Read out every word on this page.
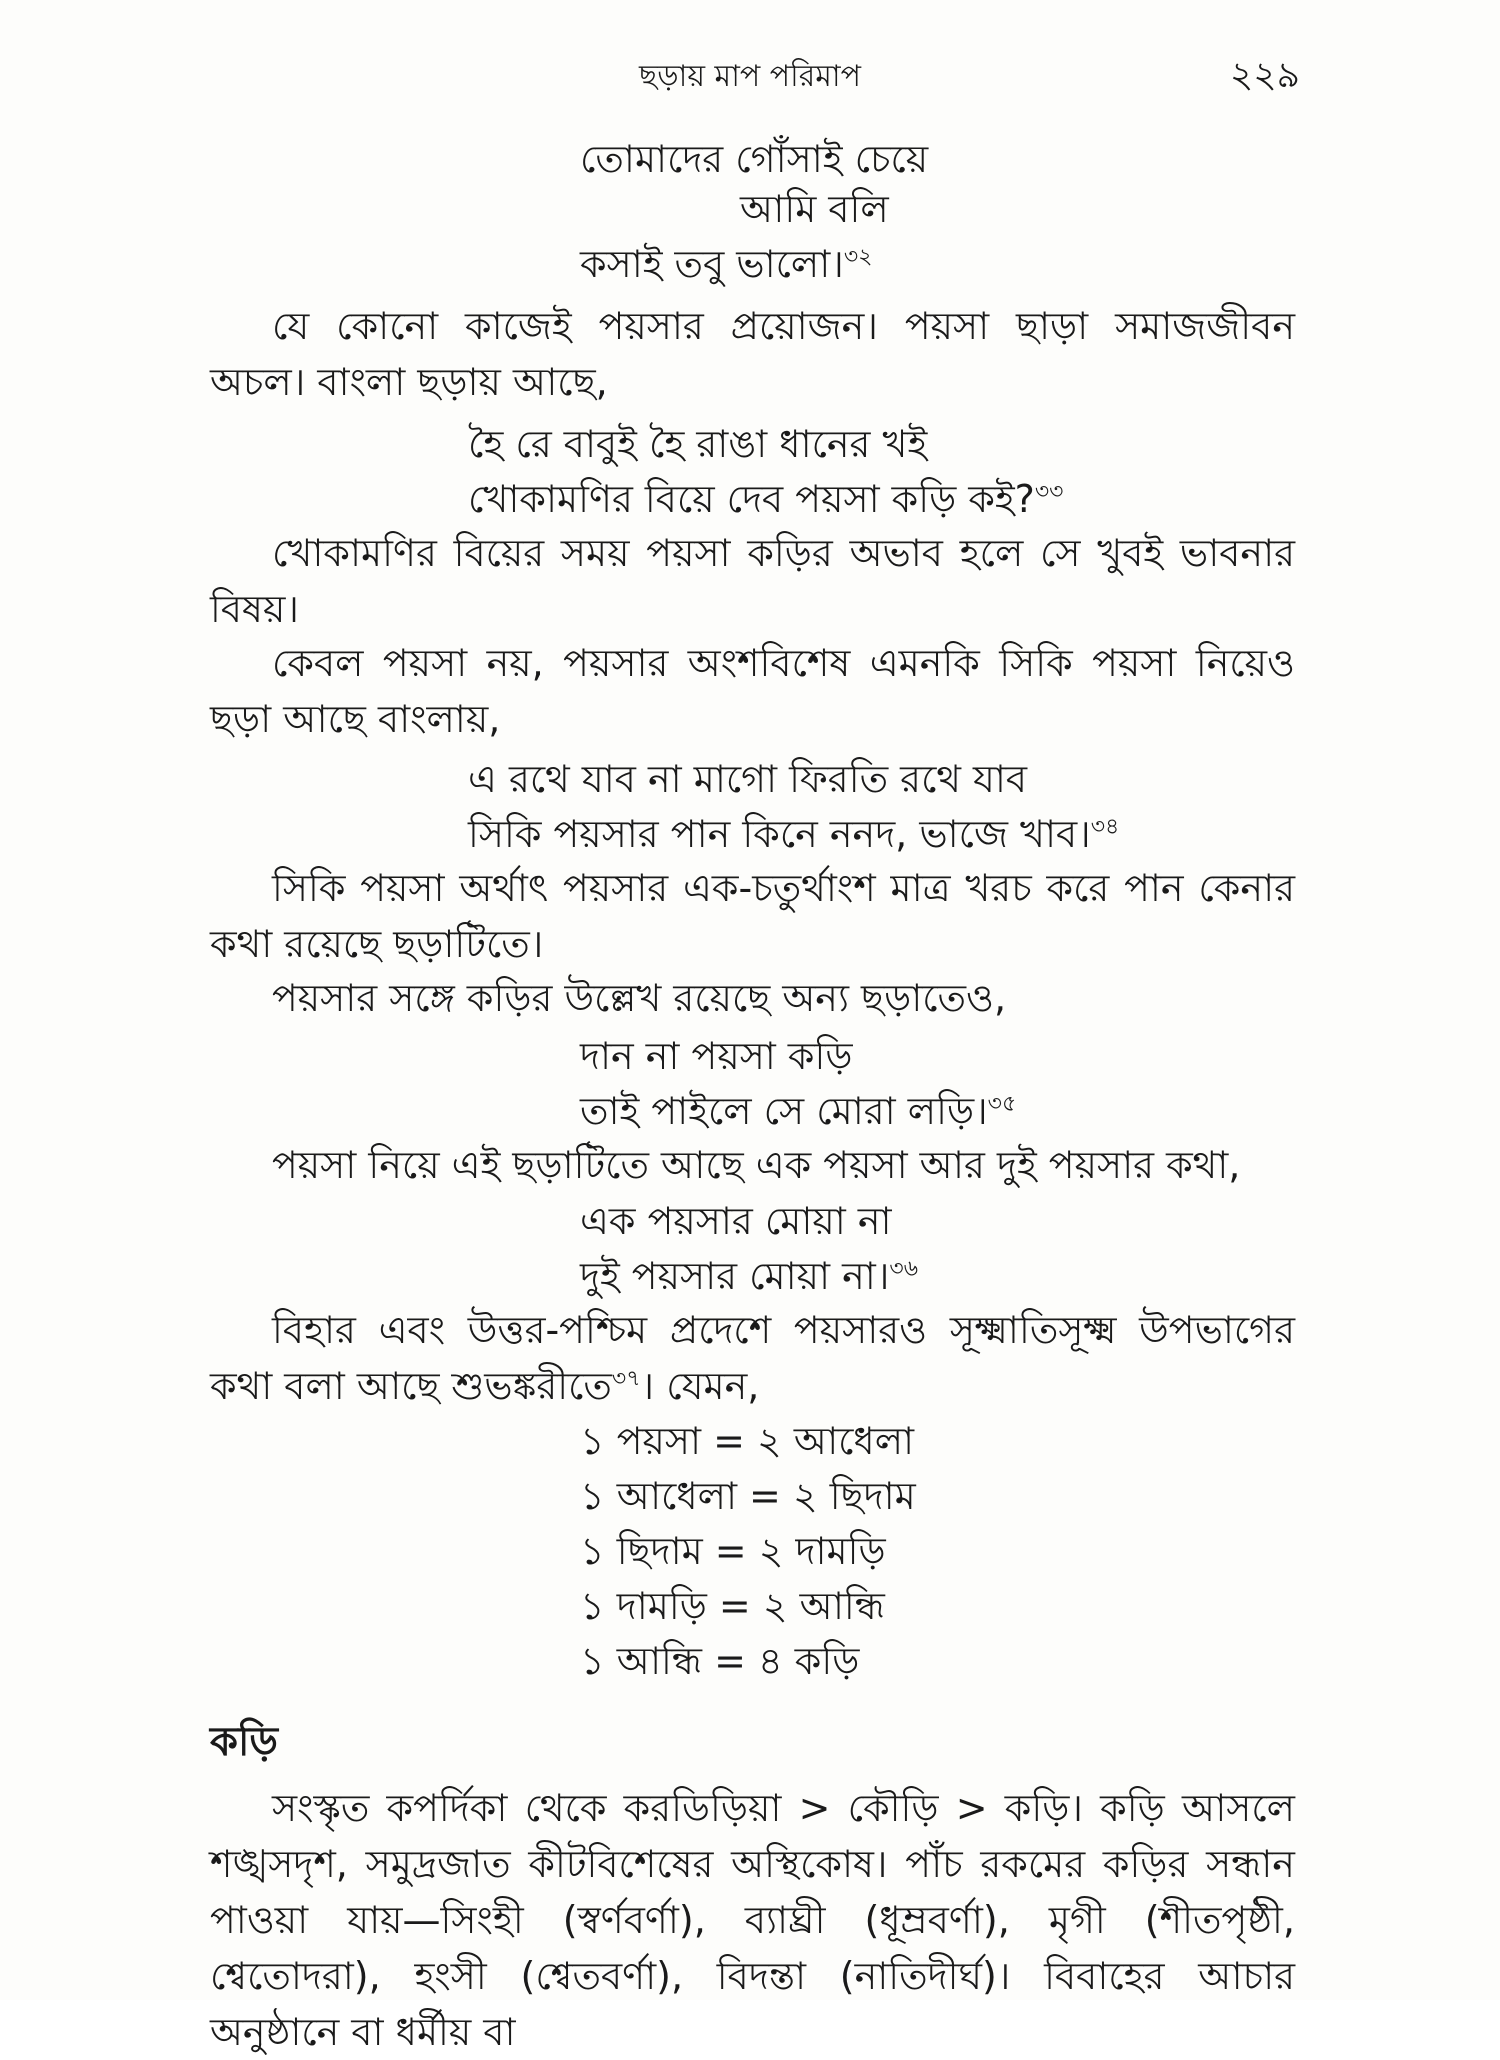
ছড়ায় মাপ পরিমাপ	২২৯
তোমাদের গোঁসাই চেয়ে
আমি বলি
কসাই তবু ভালো।$^{৩২}$
যে কোনো কাজেই পয়সার প্রয়োজন। পয়সা ছাড়া সমাজজীবন অচল। বাংলা ছড়ায় আছে,
হৈ রে বাবুই হৈ রাঙা ধানের খই
খোকামণির বিয়ে দেব পয়সা কড়ি কই?$^{৩৩}$
খোকামণির বিয়ের সময় পয়সা কড়ির অভাব হলে সে খুবই ভাবনার বিষয়।
কেবল পয়সা নয়, পয়সার অংশবিশেষ এমনকি সিকি পয়সা নিয়েও ছড়া আছে বাংলায়,
এ রথে যাব না মাগো ফিরতি রথে যাব
সিকি পয়সার পান কিনে ননদ, ভাজে খাব।$^{৩৪}$
সিকি পয়সা অর্থাৎ পয়সার এক-চতুর্থাংশ মাত্র খরচ করে পান কেনার কথা রয়েছে ছড়াটিতে।
পয়সার সঙ্গে কড়ির উল্লেখ রয়েছে অন্য ছড়াতেও,
দান না পয়সা কড়ি
তাই পাইলে সে মোরা লড়ি।$^{৩৫}$
পয়সা নিয়ে এই ছড়াটিতে আছে এক পয়সা আর দুই পয়সার কথা,
এক পয়সার মোয়া না
দুই পয়সার মোয়া না।$^{৩৬}$
বিহার এবং উত্তর-পশ্চিম প্রদেশে পয়সারও সূক্ষ্মাতিসূক্ষ্ম উপভাগের কথা বলা আছে শুভঙ্করীতে$^{৩৭}$। যেমন,
১ পয়সা = ২ আধেলা
১ আধেলা = ২ ছিদাম
১ ছিদাম = ২ দামড়ি
১ দামড়ি = ২ আন্ধি
১ আন্ধি = ৪ কড়ি
কড়ি
সংস্কৃত কপর্দিকা থেকে করডিড়িয়া > কৌড়ি > কড়ি। কড়ি আসলে শঙ্খসদৃশ, সমুদ্রজাত কীটবিশেষের অস্থিকোষ। পাঁচ রকমের কড়ির সন্ধান পাওয়া যায়—সিংহী (স্বর্ণবর্ণা), ব্যাঘ্রী (ধূম্রবর্ণা), মৃগী (শীতপৃষ্ঠী, শ্বেতোদরা), হংসী (শ্বেতবর্ণা), বিদন্তা (নাতিদীর্ঘ)। বিবাহের আচার অনুষ্ঠানে বা ধর্মীয় বা
